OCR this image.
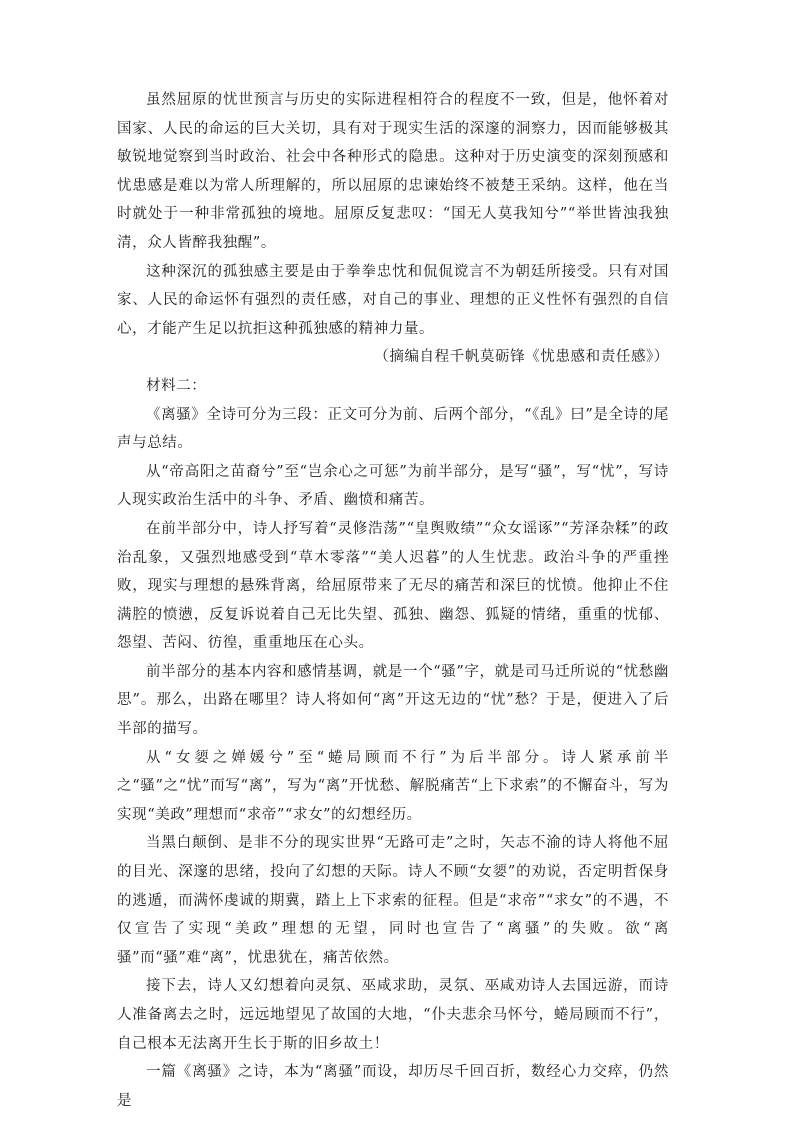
虽然屈原的忧世预言与历史的实际进程相符合的程度不一致，但是，他怀着对国家、人民的命运的巨大关切，具有对于现实生活的深邃的洞察力，因而能够极其敏锐地觉察到当时政治、社会中各种形式的隐患。这种对于历史演变的深刻预感和忧患感是难以为常人所理解的，所以屈原的忠谏始终不被楚王采纳。这样，他在当时就处于一种非常孤独的境地。屈原反复悲叹：“国无人莫我知兮”“举世皆浊我独清，众人皆醉我独醒”。

这种深沉的孤独感主要是由于拳拳忠忱和侃侃谠言不为朝廷所接受。只有对国家、人民的命运怀有强烈的责任感，对自己的事业、理想的正义性怀有强烈的自信心，才能产生足以抗拒这种孤独感的精神力量。

（摘编自程千帆莫砺锋《忧患感和责任感》）

材料二：

《离骚》全诗可分为三段：正文可分为前、后两个部分，“《乱》曰”是全诗的尾声与总结。

从“帝高阳之苗裔兮”至“岂余心之可惩”为前半部分，是写“骚”，写“忧”，写诗人现实政治生活中的斗争、矛盾、幽愤和痛苦。

在前半部分中，诗人抒写着“灵修浩荡”“皇舆败绩”“众女谣诼”“芳泽杂糅”的政治乱象，又强烈地感受到“草木零落”“美人迟暮”的人生忧悲。政治斗争的严重挫败，现实与理想的悬殊背离，给屈原带来了无尽的痛苦和深巨的忧愤。他抑止不住满腔的愤懑，反复诉说着自己无比失望、孤独、幽怨、狐疑的情绪，重重的忧郁、怨望、苦闷、彷徨，重重地压在心头。

前半部分的基本内容和感情基调，就是一个“骚”字，就是司马迁所说的“忧愁幽思”。那么，出路在哪里？诗人将如何“离”开这无边的“忧”愁？于是，便进入了后半部的描写。

从“女媭之婵媛兮”至“蜷局顾而不行”为后半部分。诗人紧承前半之“骚”之“忧”而写“离”，写为“离”开忧愁、解脱痛苦“上下求索”的不懈奋斗，写为实现“美政”理想而“求帝”“求女”的幻想经历。

当黑白颠倒、是非不分的现实世界“无路可走”之时，矢志不渝的诗人将他不屈的目光、深邃的思绪，投向了幻想的天际。诗人不顾“女媭”的劝说，否定明哲保身的逃遁，而满怀虔诚的期冀，踏上上下求索的征程。但是“求帝”“求女”的不遇，不仅宣告了实现“美政”理想的无望，同时也宣告了“离骚”的失败。欲“离骚”而“骚”难“离”，忧患犹在，痛苦依然。

接下去，诗人又幻想着向灵氛、巫咸求助，灵氛、巫咸劝诗人去国远游，而诗人准备离去之时，远远地望见了故国的大地，“仆夫悲余马怀兮，蜷局顾而不行”，自己根本无法离开生长于斯的旧乡故土！

一篇《离骚》之诗，本为“离骚”而设，却历尽千回百折，数经心力交瘁，仍然是
